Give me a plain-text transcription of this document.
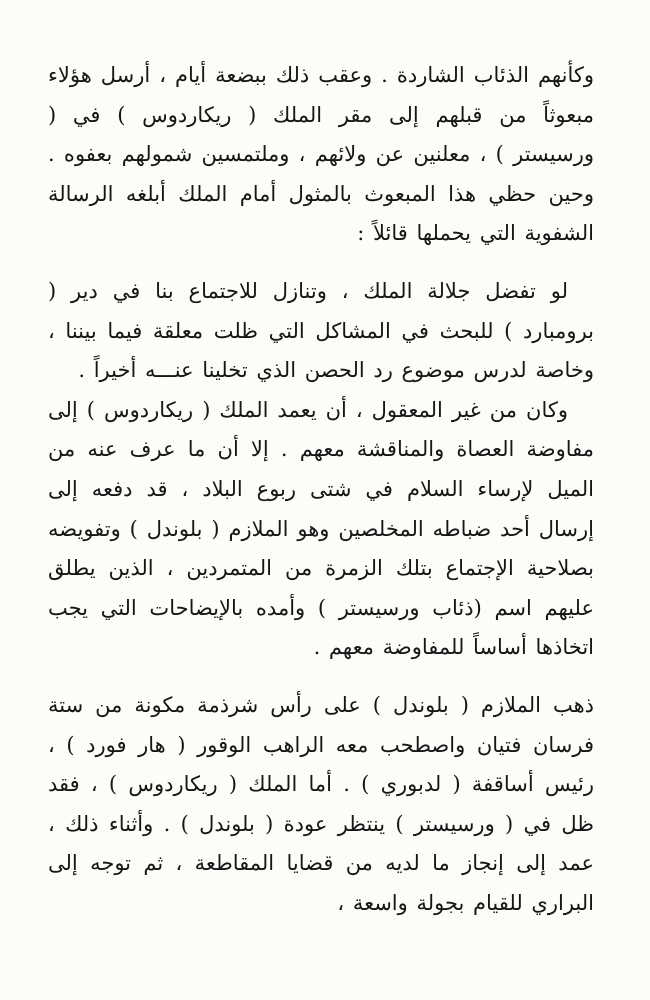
وكأنهم الذئاب الشاردة . وعقب ذلك ببضعة أيام ، أرسل هؤلاء مبعوثاً من قبلهم إلى مقر الملك ( ريكاردوس ) في ( ورسيستر ) ، معلنين عن ولائهم ، وملتمسين شمولهم بعفوه . وحين حظي هذا المبعوث بالمثول أمام الملك أبلغه الرسالة الشفوية التي يحملها قائلاً :

لو تفضل جلالة الملك ، وتنازل للاجتماع بنا في دير ( برومبارد ) للبحث في المشاكل التي ظلت معلقة فيما بيننا ، وخاصة لدرس موضوع رد الحصن الذي تخلينا عنـــه أخيراً .

وكان من غير المعقول ، أن يعمد الملك ( ريكاردوس ) إلى مفاوضة العصاة والمناقشة معهم . إلا أن ما عرف عنه من الميل لإرساء السلام في شتى ربوع البلاد ، قد دفعه إلى إرسال أحد ضباطه المخلصين وهو الملازم ( بلوندل ) وتفويضه بصلاحية الإجتماع بتلك الزمرة من المتمردين ، الذين يطلق عليهم اسم (ذئاب ورسيستر ) وأمده بالإيضاحات التي يجب اتخاذها أساساً للمفاوضة معهم .

ذهب الملازم ( بلوندل ) على رأس شرذمة مكونة من ستة فرسان فتيان واصطحب معه الراهب الوقور ( هار فورد ) ، رئيس أساقفة ( لدبوري ) . أما الملك ( ريكاردوس ) ، فقد ظل في ( ورسيستر ) ينتظر عودة ( بلوندل ) . وأثناء ذلك ، عمد إلى إنجاز ما لديه من قضايا المقاطعة ، ثم توجه إلى البراري للقيام بجولة واسعة ،
